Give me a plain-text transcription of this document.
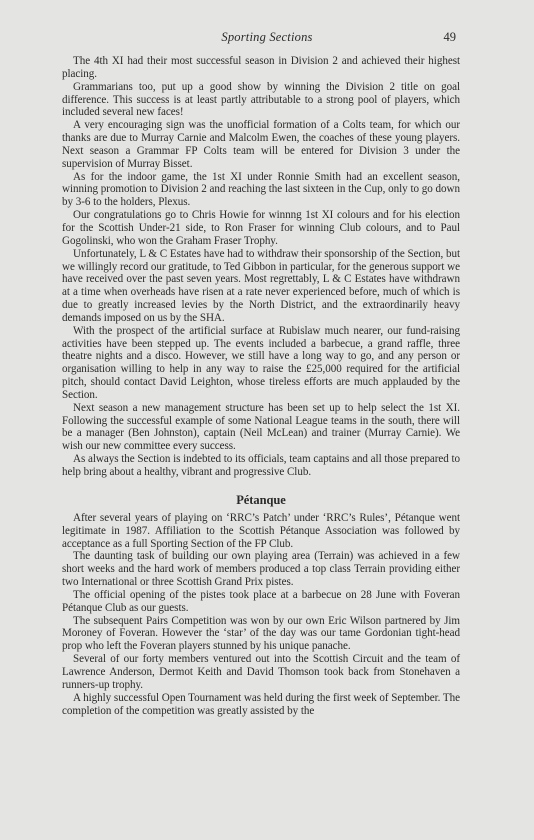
Sporting Sections	49

The 4th XI had their most successful season in Division 2 and achieved their highest placing.

Grammarians too, put up a good show by winning the Division 2 title on goal difference. This success is at least partly attributable to a strong pool of players, which included several new faces!

A very encouraging sign was the unofficial formation of a Colts team, for which our thanks are due to Murray Carnie and Malcolm Ewen, the coaches of these young players. Next season a Grammar FP Colts team will be entered for Division 3 under the supervision of Murray Bisset.

As for the indoor game, the 1st XI under Ronnie Smith had an excellent season, winning promotion to Division 2 and reaching the last sixteen in the Cup, only to go down by 3-6 to the holders, Plexus.

Our congratulations go to Chris Howie for winnng 1st XI colours and for his election for the Scottish Under-21 side, to Ron Fraser for winning Club colours, and to Paul Gogolinski, who won the Graham Fraser Trophy.

Unfortunately, L & C Estates have had to withdraw their sponsorship of the Section, but we willingly record our gratitude, to Ted Gibbon in particular, for the generous support we have received over the past seven years. Most regrettably, L & C Estates have withdrawn at a time when overheads have risen at a rate never experienced before, much of which is due to greatly increased levies by the North District, and the extraordinarily heavy demands imposed on us by the SHA.

With the prospect of the artificial surface at Rubislaw much nearer, our fund-raising activities have been stepped up. The events included a barbecue, a grand raffle, three theatre nights and a disco. However, we still have a long way to go, and any person or organisation willing to help in any way to raise the £25,000 required for the artificial pitch, should contact David Leighton, whose tireless efforts are much applauded by the Section.

Next season a new management structure has been set up to help select the 1st XI. Following the successful example of some National League teams in the south, there will be a manager (Ben Johnston), captain (Neil McLean) and trainer (Murray Carnie). We wish our new committee every success.

As always the Section is indebted to its officials, team captains and all those prepared to help bring about a healthy, vibrant and progressive Club.

Pétanque

After several years of playing on ‘RRC’s Patch’ under ‘RRC’s Rules’, Pétanque went legitimate in 1987. Affiliation to the Scottish Pétanque Association was followed by acceptance as a full Sporting Section of the FP Club.

The daunting task of building our own playing area (Terrain) was achieved in a few short weeks and the hard work of members produced a top class Terrain providing either two International or three Scottish Grand Prix pistes.

The official opening of the pistes took place at a barbecue on 28 June with Foveran Pétanque Club as our guests.

The subsequent Pairs Competition was won by our own Eric Wilson partnered by Jim Moroney of Foveran. However the ‘star’ of the day was our tame Gordonian tight-head prop who left the Foveran players stunned by his unique panache.

Several of our forty members ventured out into the Scottish Circuit and the team of Lawrence Anderson, Dermot Keith and David Thomson took back from Stonehaven a runners-up trophy.

A highly successful Open Tournament was held during the first week of September. The completion of the competition was greatly assisted by the
